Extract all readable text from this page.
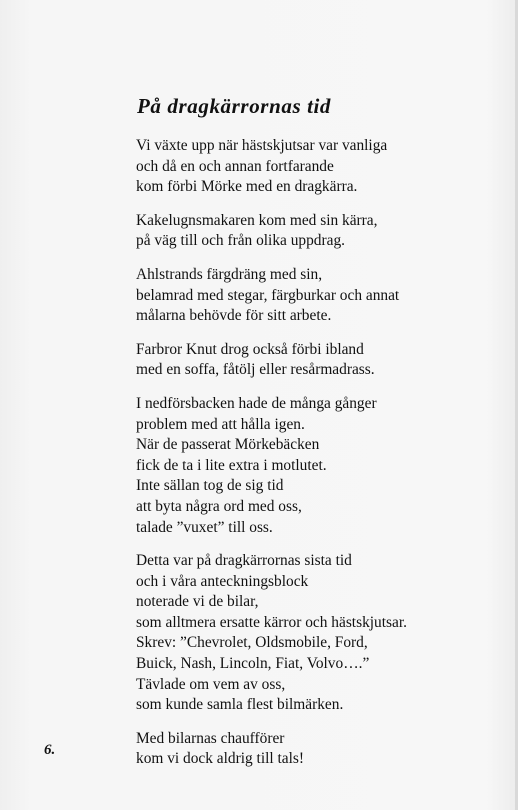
På dragkärrornas tid
Vi växte upp när hästskjutsar var vanliga
och då en och annan fortfarande
kom förbi Mörke med en dragkärra.
Kakelugnsmakaren kom med sin kärra,
på väg till och från olika uppdrag.
Ahlstrands färgdräng med sin,
belamrad med stegar, färgburkar och annat
målarna behövde för sitt arbete.
Farbror Knut drog också förbi ibland
med en soffa, fåtölj eller resårmadrass.
I nedförsbacken hade de många gånger
problem med att hålla igen.
När de passerat Mörkebäcken
fick de ta i lite extra i motlutet.
Inte sällan tog de sig tid
att byta några ord med oss,
talade ”vuxet” till oss.
Detta var på dragkärrornas sista tid
och i våra anteckningsblock
noterade vi de bilar,
som alltmera ersatte kärror och hästskjutsar.
Skrev: ”Chevrolet, Oldsmobile, Ford,
Buick, Nash, Lincoln, Fiat, Volvo….”
Tävlade om vem av oss,
som kunde samla flest bilmärken.
Med bilarnas chaufförer
kom vi dock aldrig till tals!
6.
